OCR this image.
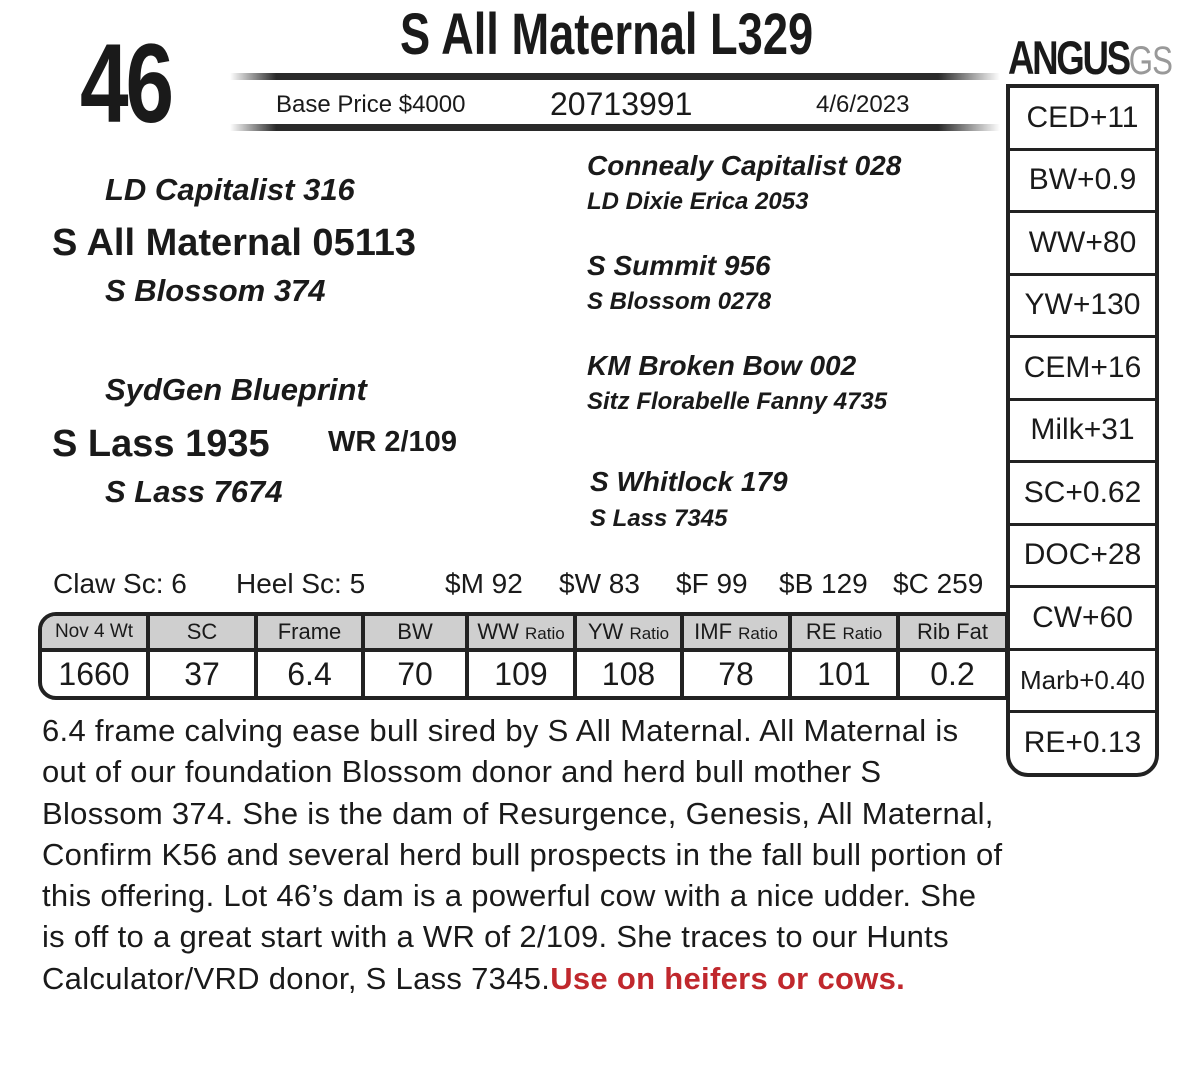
46	S All Maternal L329
Base Price $4000	20713991	4/6/2023
ANGUSGS
LD Capitalist 316
S All Maternal 05113
S Blossom 374
SydGen Blueprint
S Lass 1935 WR 2/109
S Lass 7674
Connealy Capitalist 028
LD Dixie Erica 2053
S Summit 956
S Blossom 0278
KM Broken Bow 002
Sitz Florabelle Fanny 4735
S Whitlock 179
S Lass 7345
Claw Sc: 6 Heel Sc: 5	$M 92 $W 83 $F 99 $B 129 $C 259
Nov 4 Wt	SC	Frame	BW	WW Ratio	YW Ratio	IMF Ratio	RE Ratio	Rib Fat
1660	37	6.4	70	109	108	78	101	0.2
CED+11
BW+0.9
WW+80
YW+130
CEM+16
Milk+31
SC+0.62
DOC+28
CW+60
Marb+0.40
RE+0.13
6.4 frame calving ease bull sired by S All Maternal. All Maternal is out of our foundation Blossom donor and herd bull mother S Blossom 374. She is the dam of Resurgence, Genesis, All Maternal, Confirm K56 and several herd bull prospects in the fall bull portion of this offering. Lot 46’s dam is a powerful cow with a nice udder. She is off to a great start with a WR of 2/109. She traces to our Hunts Calculator/VRD donor, S Lass 7345.Use on heifers or cows.
